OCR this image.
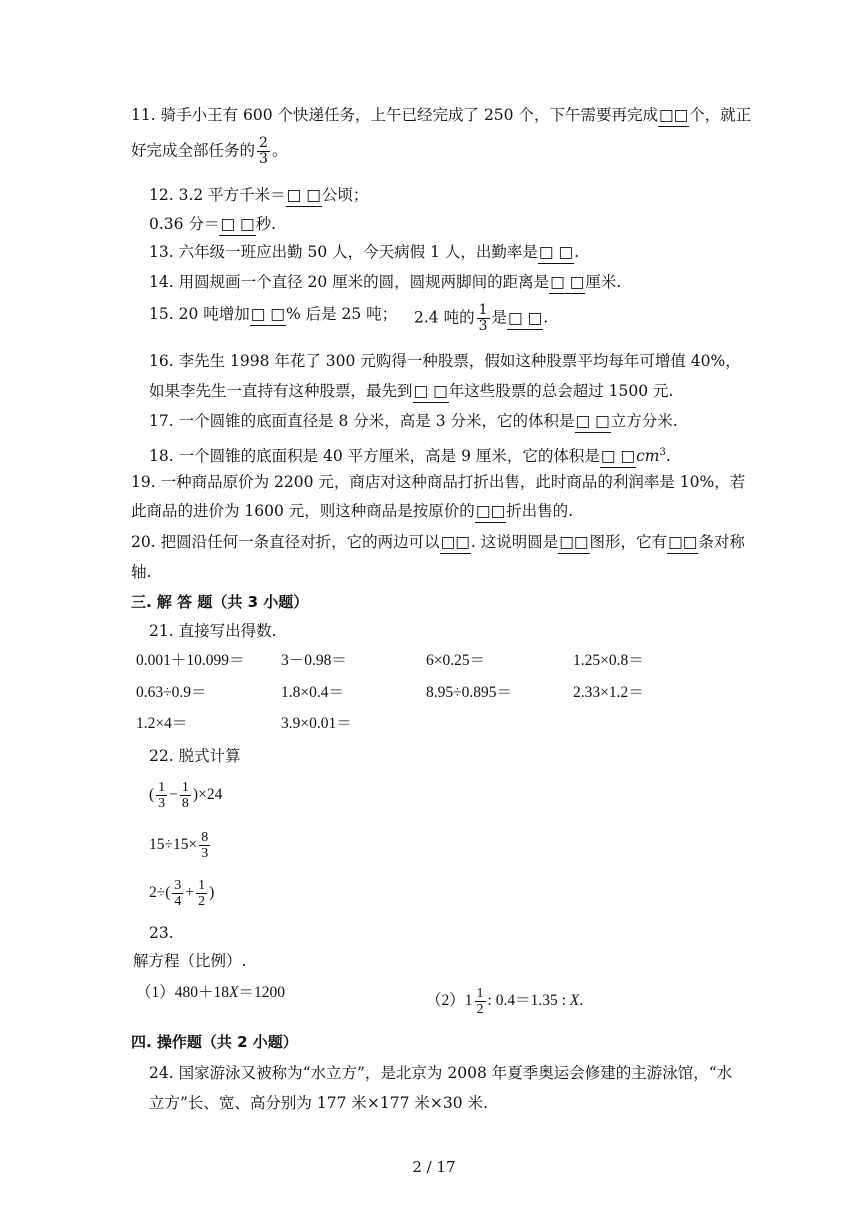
11. 骑手小王有 600 个快递任务，上午已经完成了 250 个，下午需要再完成□□个，就正
好完成全部任务的 $\frac{2}{3}$ 。
12. 3.2 平方千米＝□ □公顷；
0.36 分＝□ □秒.
13. 六年级一班应出勤 50 人，今天病假 1 人，出勤率是□ □.
14. 用圆规画一个直径 20 厘米的圆，圆规两脚间的距离是□ □厘米.
15. 20 吨增加□ □% 后是 25 吨； 2.4 吨的 $\frac{1}{3}$ 是□ □.
16. 李先生 1998 年花了 300 元购得一种股票，假如这种股票平均每年可增值 40%，
如果李先生一直持有这种股票，最先到□ □年这些股票的总会超过 1500 元.
17. 一个圆锥的底面直径是 8 分米，高是 3 分米，它的体积是□ □立方分米.
18. 一个圆锥的底面积是 40 平方厘米，高是 9 厘米，它的体积是□ $□cm^3$.
19. 一种商品原价为 2200 元，商店对这种商品打折出售，此时商品的利润率是 10%，若
此商品的进价为 1600 元，则这种商品是按原价的□□折出售的.
20. 把圆沿任何一条直径对折，它的两边可以□□. 这说明圆是□□图形，它有□□条对称
轴.
三. 解 答 题（共 3 小题）
21. 直接写出得数.
0.001＋10.099＝ 3－0.98＝	6×0.25＝	1.25×0.8＝
0.63÷0.9＝	1.8×0.4＝	8.95÷0.895＝	2.33×1.2＝
1.2×4＝	3.9×0.01＝
22. 脱式计算
( $\frac{1}{3} - \frac{1}{8} )\times 24$
$15\div 15\times \frac{8}{3}$
$2\div( \frac{3}{4} + \frac{1}{2}$ )
23.
解方程（比例）.
（1）480＋18X＝1200	$(2)1 \frac{1}{2}$ : 0.4＝1.35 : X.
四. 操作题（共 2 小题）
24. 国家游泳又被称为“水立方”，是北京为 2008 年夏季奥运会修建的主游泳馆，“水
立方”长、宽、高分别为 177 米×177 米×30 米.
2 / 17
